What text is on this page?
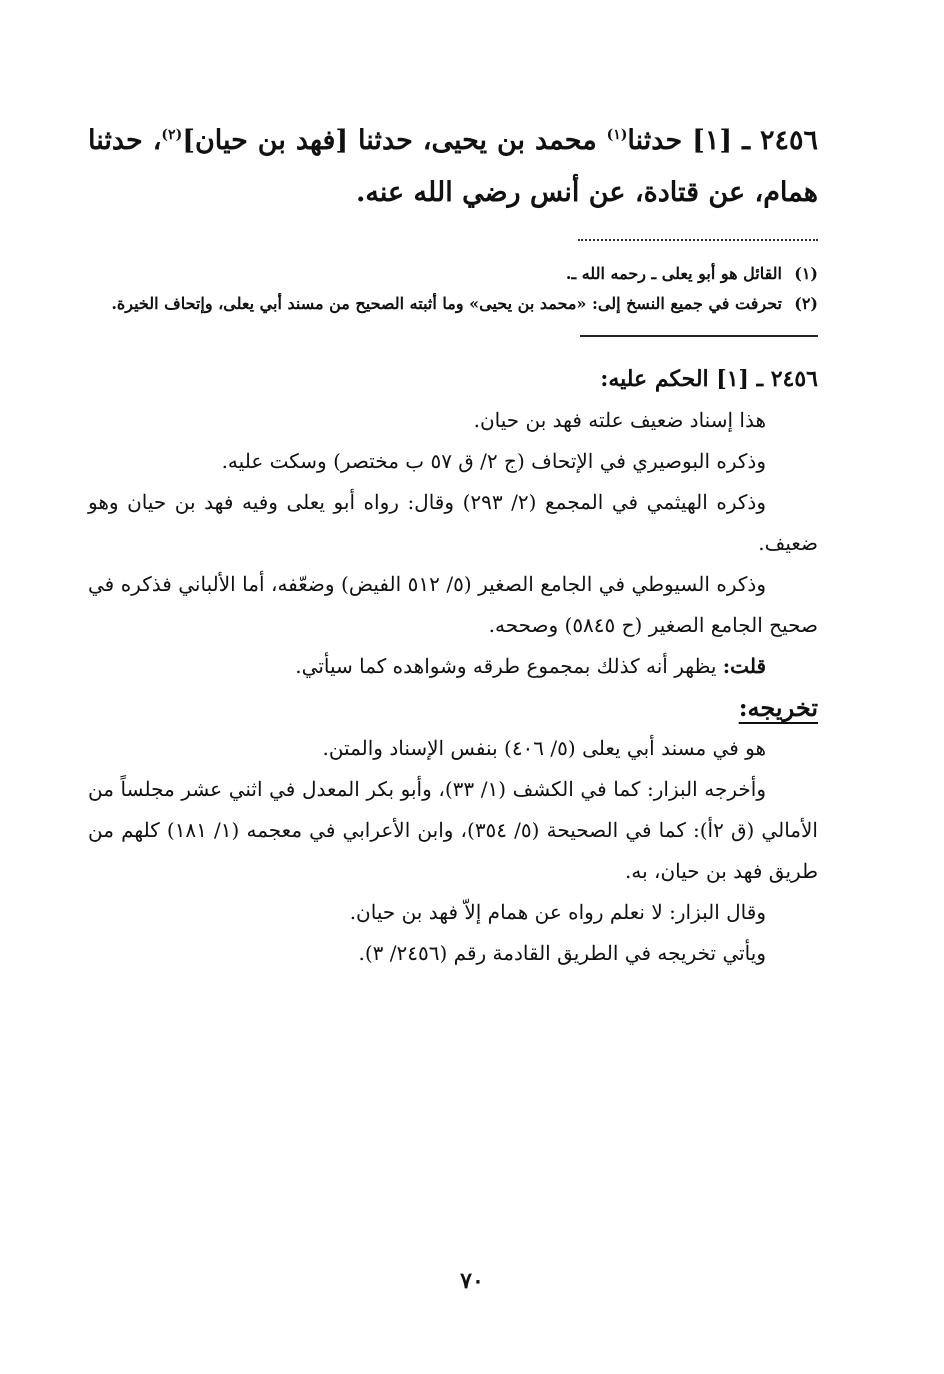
٢٤٥٦ ـ [١] حدثنا$^{(١)}$ محمد بن يحيى، حدثنا [فهد بن حيان]$^{(٢)}$، حدثنا همام، عن قتادة، عن أنس رضي الله عنه.

(١)القائل هو أبو يعلى ـ رحمه الله ـ.

(٢)تحرفت في جميع النسخ إلى: «محمد بن يحيى» وما أثبته الصحيح من مسند أبي يعلى، وإتحاف الخيرة.

٢٤٥٦ ـ [١] الحكم عليه:

هذا إسناد ضعيف علته فهد بن حيان.

وذكره البوصيري في الإتحاف (ج ٢/ ق ٥٧ ب مختصر) وسكت عليه.

وذكره الهيثمي في المجمع (٢/ ٢٩٣) وقال: رواه أبو يعلى وفيه فهد بن حيان وهو ضعيف.

وذكره السيوطي في الجامع الصغير (٥/ ٥١٢ الفيض) وضعّفه، أما الألباني فذكره في صحيح الجامع الصغير (ح ٥٨٤٥) وصححه.

قلت: يظهر أنه كذلك بمجموع طرقه وشواهده كما سيأتي.

تخريجه:

هو في مسند أبي يعلى (٥/ ٤٠٦) بنفس الإسناد والمتن.

وأخرجه البزار: كما في الكشف (١/ ٣٣)، وأبو بكر المعدل في اثني عشر مجلساً من الأمالي (ق ٢أ): كما في الصحيحة (٥/ ٣٥٤)، وابن الأعرابي في معجمه (١/ ١٨١) كلهم من طريق فهد بن حيان، به.

وقال البزار: لا نعلم رواه عن همام إلاّ فهد بن حيان.

ويأتي تخريجه في الطريق القادمة رقم (٢٤٥٦/ ٣).

٧٠
